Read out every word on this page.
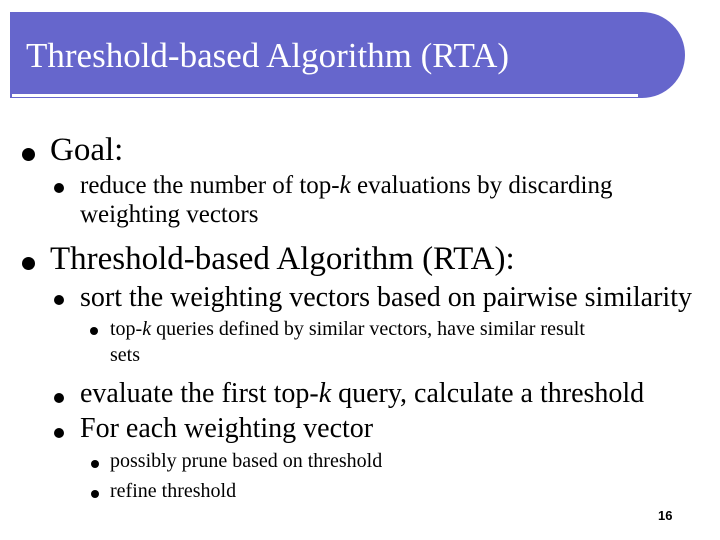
Threshold-based Algorithm (RTA)
Goal:
reduce the number of top-k evaluations by discarding
weighting vectors
Threshold-based Algorithm (RTA):
sort the weighting vectors based on pairwise similarity
top-k queries defined by similar vectors, have similar result
sets
evaluate the first top-k query, calculate a threshold
For each weighting vector
possibly prune based on threshold
refine threshold
16
